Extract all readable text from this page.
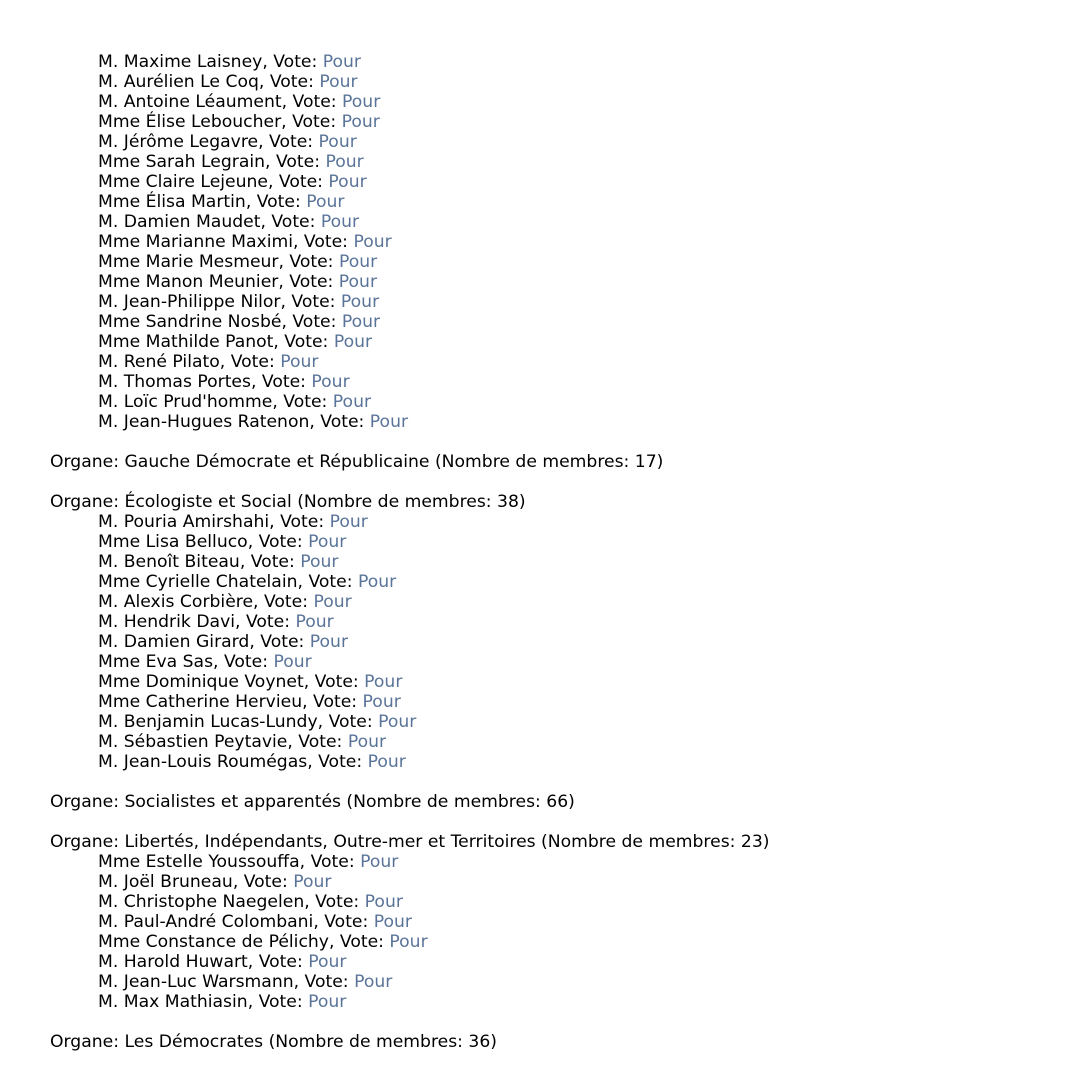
M. Maxime Laisney, Vote: Pour
M. Aurélien Le Coq, Vote: Pour
M. Antoine Léaument, Vote: Pour
Mme Élise Leboucher, Vote: Pour
M. Jérôme Legavre, Vote: Pour
Mme Sarah Legrain, Vote: Pour
Mme Claire Lejeune, Vote: Pour
Mme Élisa Martin, Vote: Pour
M. Damien Maudet, Vote: Pour
Mme Marianne Maximi, Vote: Pour
Mme Marie Mesmeur, Vote: Pour
Mme Manon Meunier, Vote: Pour
M. Jean-Philippe Nilor, Vote: Pour
Mme Sandrine Nosbé, Vote: Pour
Mme Mathilde Panot, Vote: Pour
M. René Pilato, Vote: Pour
M. Thomas Portes, Vote: Pour
M. Loïc Prud'homme, Vote: Pour
M. Jean-Hugues Ratenon, Vote: Pour
Organe: Gauche Démocrate et Républicaine (Nombre de membres: 17)
Organe: Écologiste et Social (Nombre de membres: 38)
M. Pouria Amirshahi, Vote: Pour
Mme Lisa Belluco, Vote: Pour
M. Benoît Biteau, Vote: Pour
Mme Cyrielle Chatelain, Vote: Pour
M. Alexis Corbière, Vote: Pour
M. Hendrik Davi, Vote: Pour
M. Damien Girard, Vote: Pour
Mme Eva Sas, Vote: Pour
Mme Dominique Voynet, Vote: Pour
Mme Catherine Hervieu, Vote: Pour
M. Benjamin Lucas-Lundy, Vote: Pour
M. Sébastien Peytavie, Vote: Pour
M. Jean-Louis Roumégas, Vote: Pour
Organe: Socialistes et apparentés (Nombre de membres: 66)
Organe: Libertés, Indépendants, Outre-mer et Territoires (Nombre de membres: 23)
Mme Estelle Youssouffa, Vote: Pour
M. Joël Bruneau, Vote: Pour
M. Christophe Naegelen, Vote: Pour
M. Paul-André Colombani, Vote: Pour
Mme Constance de Pélichy, Vote: Pour
M. Harold Huwart, Vote: Pour
M. Jean-Luc Warsmann, Vote: Pour
M. Max Mathiasin, Vote: Pour
Organe: Les Démocrates (Nombre de membres: 36)
